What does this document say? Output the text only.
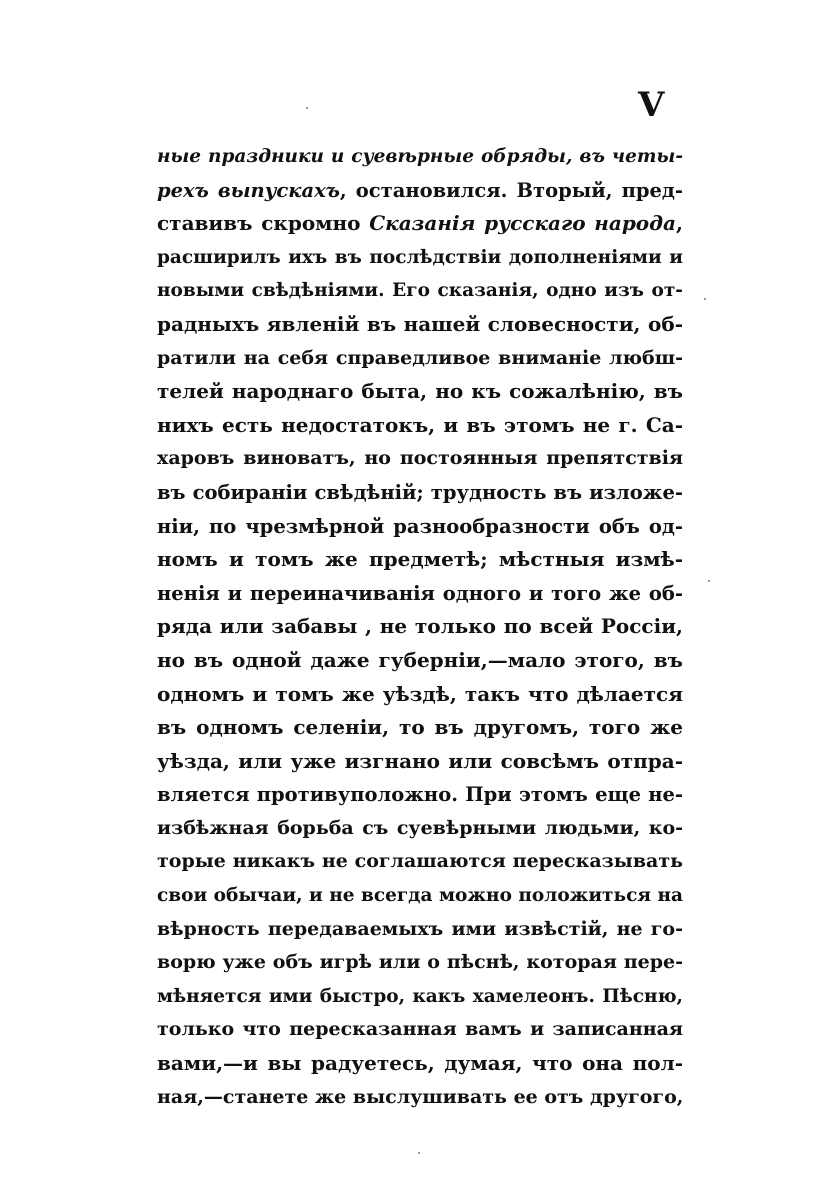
V
ные праздники и суевѣрные обряды, въ четы-
рехъ выпускахъ, остановился. Вторый, пред-
ставивъ скромно Сказанія русскаго народа,
расширилъ ихъ въ послѣдствіи дополненіями и
новыми свѣдѣніями. Его сказанія, одно изъ от-
радныхъ явленій въ нашей словесности, об-
ратили на себя справедливое вниманіе любш-
телей народнаго быта, но къ сожалѣнію, въ
нихъ есть недостатокъ, и въ этомъ не г. Са-
харовъ виноватъ, но постоянныя препятствія
въ собираніи свѣдѣній; трудность въ изложе-
ніи, по чрезмѣрной разнообразности объ од-
номъ и томъ же предметѣ; мѣстныя измѣ-
ненія и переиначиванія одного и того же об-
ряда или забавы , не только по всей Россіи,
но въ одной даже губерніи,—мало этого, въ
одномъ и томъ же уѣздѣ, такъ что дѣлается
въ одномъ селеніи, то въ другомъ, того же
уѣзда, или уже изгнано или совсѣмъ отпра-
вляется противуположно. При этомъ еще не-
избѣжная борьба съ суевѣрными людьми, ко-
торые никакъ не соглашаются пересказывать
свои обычаи, и не всегда можно положиться на
вѣрность передаваемыхъ ими извѣстій, не го-
ворю уже объ игрѣ или о пѣснѣ, которая пере-
мѣняется ими быстро, какъ хамелеонъ. Пѣсню,
только что пересказанная вамъ и записанная
вами,—и вы радуетесь, думая, что она пол-
ная,—станете же выслушивать ее отъ другого,
